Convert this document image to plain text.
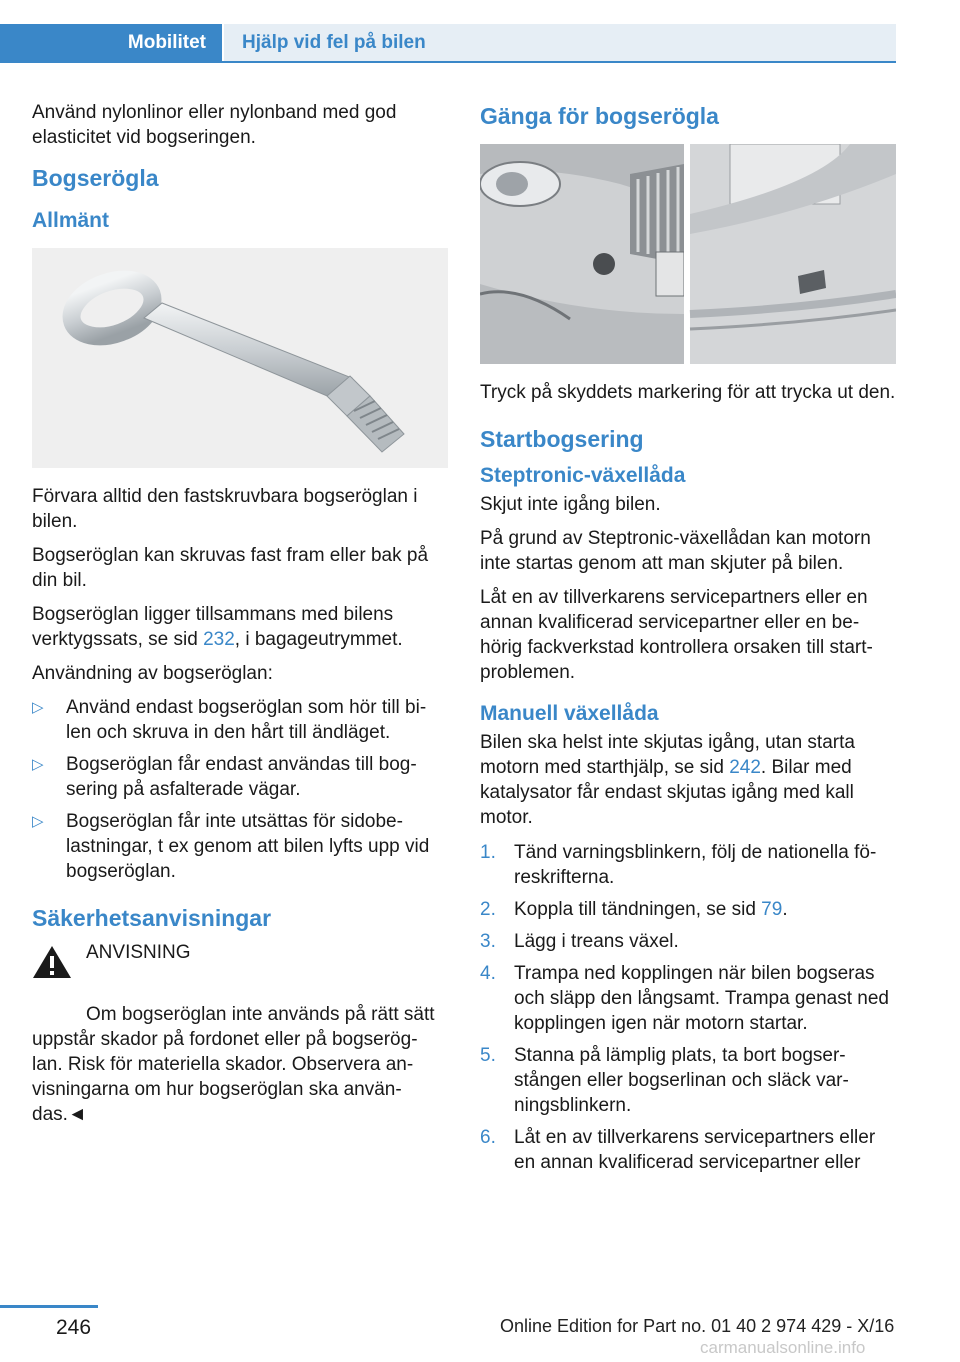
Mobilitet	Hjälp vid fel på bilen

Använd nylonlinor eller nylonband med god elasticitet vid bogseringen.

Bogserögla
Allmänt

Förvara alltid den fastskruvbara bogseröglan i bilen.

Bogseröglan kan skruvas fast fram eller bak på din bil.

Bogseröglan ligger tillsammans med bilens verktygssats, se sid 232, i bagageutrymmet.

Användning av bogseröglan:

▷ Använd endast bogseröglan som hör till bi-len och skruva in den hårt till ändläget.
▷ Bogseröglan får endast användas till bog-sering på asfalterade vägar.
▷ Bogseröglan får inte utsättas för sidobe-lastningar, t ex genom att bilen lyfts upp vid bogseröglan.
Säkerhetsanvisningar
ANVISNING
Om bogseröglan inte används på rätt sätt uppstår skador på fordonet eller på bogserög-lan. Risk för materiella skador. Observera an-visningarna om hur bogseröglan ska använ-das.◄
Gänga för bogserögla

Tryck på skyddets markering för att trycka ut den.

Startbogsering
Steptronic-växellåda

Skjut inte igång bilen.

På grund av Steptronic-växellådan kan motorn inte startas genom att man skjuter på bilen.

Låt en av tillverkarens servicepartners eller en annan kvalificerad servicepartner eller en be-hörig fackverkstad kontrollera orsaken till start-problemen.

Manuell växellåda

Bilen ska helst inte skjutas igång, utan starta motorn med starthjälp, se sid 242. Bilar med katalysator får endast skjutas igång med kall motor.

1. Tänd varningsblinkern, följ de nationella fö-reskrifterna.
2. Koppla till tändningen, se sid 79.
3. Lägg i treans växel.
4. Trampa ned kopplingen när bilen bogseras och släpp den långsamt. Trampa genast ned kopplingen igen när motorn startar.
5. Stanna på lämplig plats, ta bort bogser-stången eller bogserlinan och släck var-ningsblinkern.
6. Låt en av tillverkarens servicepartners eller en annan kvalificerad servicepartner eller
246	Online Edition for Part no. 01 40 2 974 429 - X/16
carmanualsonline.info
